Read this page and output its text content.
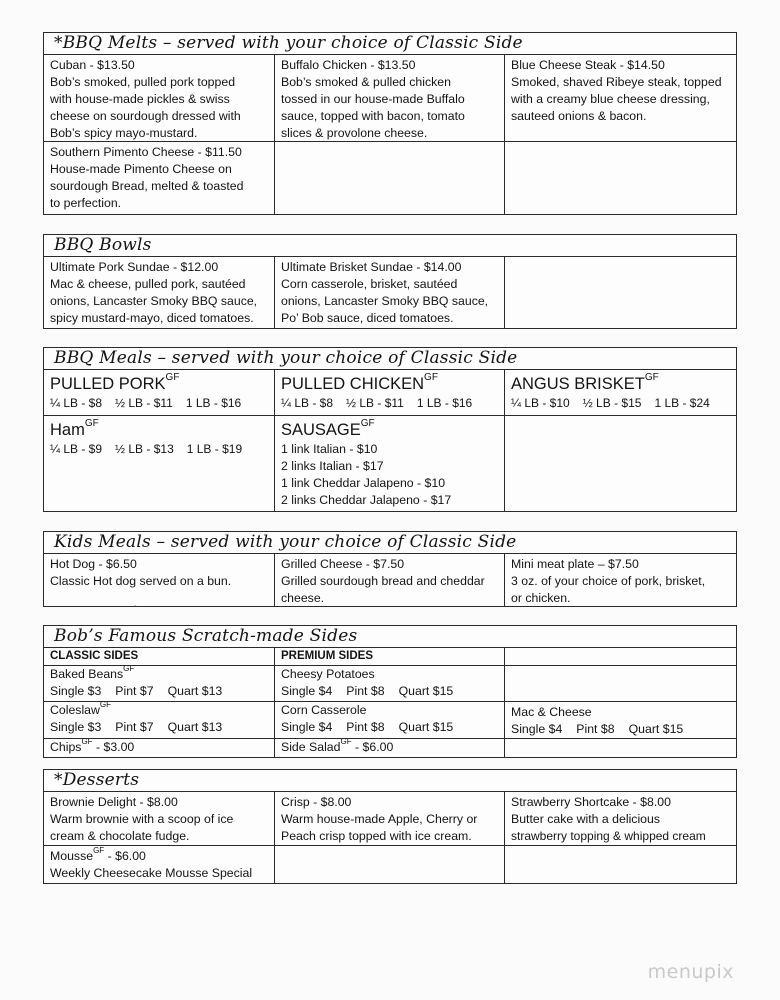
*BBQ Melts – served with your choice of Classic Side
Cuban - $13.50
Bob’s smoked, pulled pork topped
with house-made pickles & swiss
cheese on sourdough dressed with
Bob’s spicy mayo-mustard.
Buffalo Chicken - $13.50
Bob’s smoked & pulled chicken
tossed in our house-made Buffalo
sauce, topped with bacon, tomato
slices & provolone cheese.
Blue Cheese Steak - $14.50
Smoked, shaved Ribeye steak, topped
with a creamy blue cheese dressing,
sauteed onions & bacon.
Southern Pimento Cheese - $11.50
House-made Pimento Cheese on
sourdough Bread, melted & toasted
to perfection.
BBQ Bowls
Ultimate Pork Sundae - $12.00
Mac & cheese, pulled pork, sautéed
onions, Lancaster Smoky BBQ sauce,
spicy mustard-mayo, diced tomatoes.
Ultimate Brisket Sundae - $14.00
Corn casserole, brisket, sautéed
onions, Lancaster Smoky BBQ sauce,
Po’ Bob sauce, diced tomatoes.
BBQ Meals – served with your choice of Classic Side
PULLED $PORK^{GF}$
¼ LB - $8 ½ LB - $11 1 LB - $16
PULLED $CHICKEN^{GF}$
¼ LB - $8 ½ LB - $11 1 LB - $16
ANGUS $BRISKET^{GF}$
¼ LB - $10 ½ LB - $15 1 LB - $24
Ham$^{GF}$
¼ LB - $9 ½ LB - $13 1 LB - $19
$SAUSAGE^{GF}$
1 link Italian - $10
2 links Italian - $17
1 link Cheddar Jalapeno - $10
2 links Cheddar Jalapeno - $17
Kids Meals – served with your choice of Classic Side
Hot Dog - $6.50
Classic Hot dog served on a bun.
Grilled Cheese - $7.50
Grilled sourdough bread and cheddar
cheese.
Mini meat plate – $7.50
3 oz. of your choice of pork, brisket,
or chicken.
`
Bob’s Famous Scratch-made Sides
CLASSIC SIDES	PREMIUM SIDES
Baked Beans$^{GF}$
Single $3 Pint $7 Quart $13
Cheesy Potatoes
Single $4 Pint $8 Quart $15
Coleslaw$^{GF}$
Single $3 Pint $7 Quart $13
Corn Casserole
Single $4 Pint $8 Quart $15
Mac & Cheese
Single $4 Pint $8 Quart $15
Chips$^{GF}$ - $3.00	Side Salad$^{GF}$ - $6.00
*Desserts
Brownie Delight - $8.00
Warm brownie with a scoop of ice
cream & chocolate fudge.
Crisp - $8.00
Warm house-made Apple, Cherry or
Peach crisp topped with ice cream.
Strawberry Shortcake - $8.00
Butter cake with a delicious
strawberry topping & whipped cream
Mousse$^{GF}$ - $6.00
Weekly Cheesecake Mousse Special
menupix
